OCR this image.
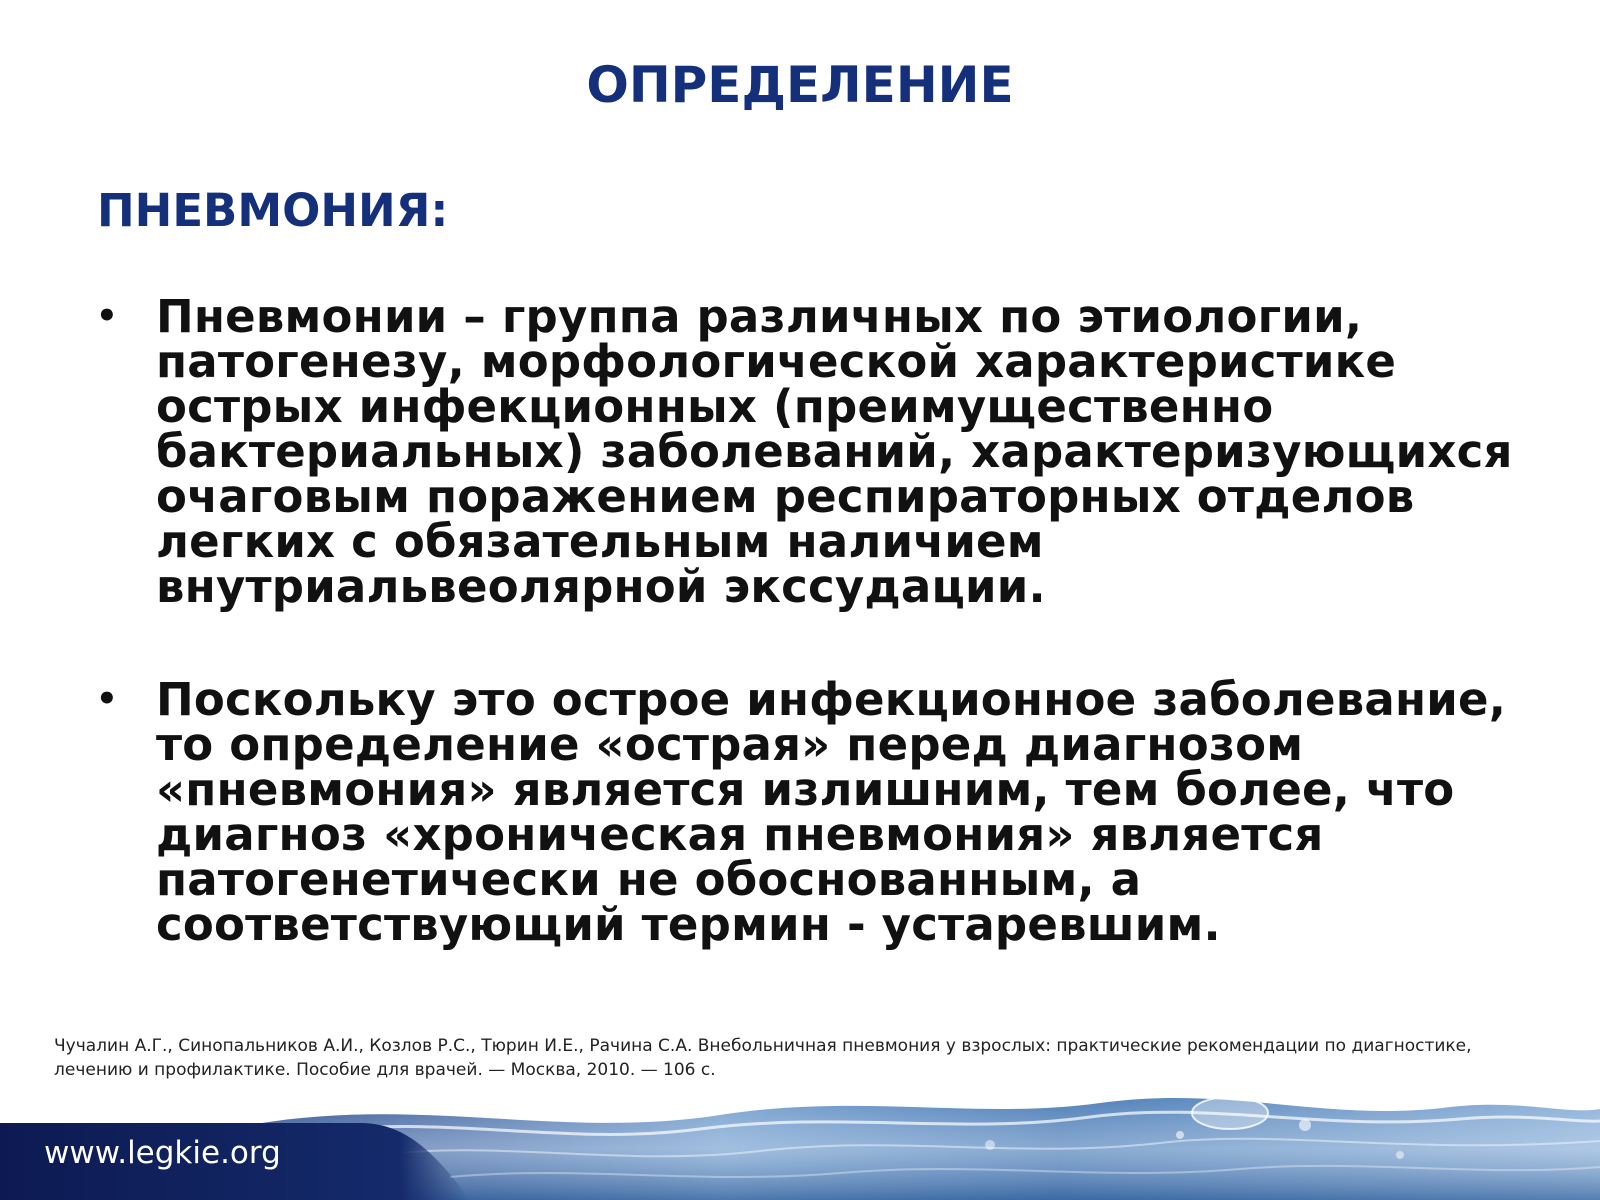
ОПРЕДЕЛЕНИЕ
ПНЕВМОНИЯ:
• Пневмонии – группа различных по этиологии, патогенезу, морфологической характеристике острых инфекционных (преимущественно бактериальных) заболеваний, характеризующихся очаговым поражением респираторных отделов легких с обязательным наличием внутриальвеолярной экссудации.
• Поскольку это острое инфекционное заболевание, то определение «острая» перед диагнозом «пневмония» является излишним, тем более, что диагноз «хроническая пневмония» является патогенетически не обоснованным, а соответствующий термин - устаревшим.

Чучалин А.Г., Синопальников А.И., Козлов Р.С., Тюрин И.Е., Рачина С.А. Внебольничная пневмония у взрослых: практические рекомендации по диагностике, лечению и профилактике. Пособие для врачей. — Москва, 2010. — 106 с.

www.legkie.org
